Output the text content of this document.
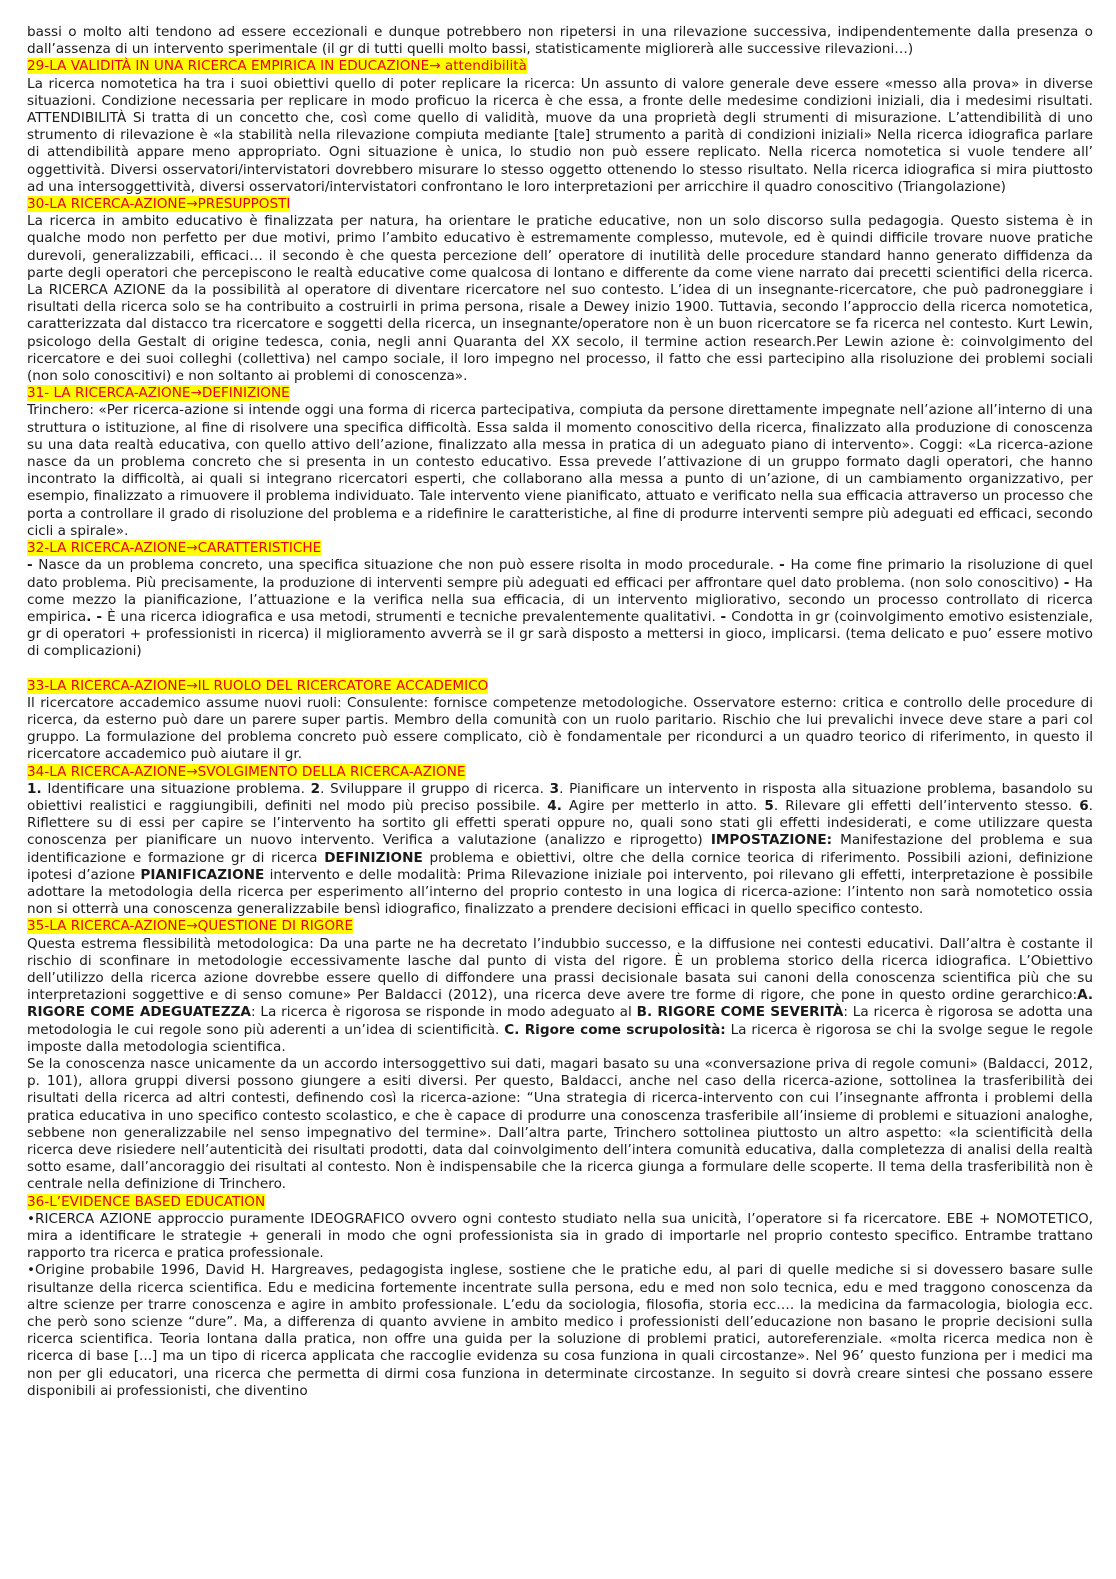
bassi o molto alti tendono ad essere eccezionali e dunque potrebbero non ripetersi in una rilevazione successiva, indipendentemente dalla presenza o dall’assenza di un intervento sperimentale (il gr di tutti quelli molto bassi, statisticamente migliorerà alle successive rilevazioni…)

29-LA VALIDITÀ IN UNA RICERCA EMPIRICA IN EDUCAZIONE→ attendibilità

La ricerca nomotetica ha tra i suoi obiettivi quello di poter replicare la ricerca: Un assunto di valore generale deve essere «messo alla prova» in diverse situazioni. Condizione necessaria per replicare in modo proficuo la ricerca è che essa, a fronte delle medesime condizioni iniziali, dia i medesimi risultati. ATTENDIBILITÀ Si tratta di un concetto che, così come quello di validità, muove da una proprietà degli strumenti di misurazione. L’attendibilità di uno strumento di rilevazione è «la stabilità nella rilevazione compiuta mediante [tale] strumento a parità di condizioni iniziali» Nella ricerca idiografica parlare di attendibilità appare meno appropriato. Ogni situazione è unica, lo studio non può essere replicato. Nella ricerca nomotetica si vuole tendere all’ oggettività. Diversi osservatori/intervistatori dovrebbero misurare lo stesso oggetto ottenendo lo stesso risultato. Nella ricerca idiografica si mira piuttosto ad una intersoggettività, diversi osservatori/intervistatori confrontano le loro interpretazioni per arricchire il quadro conoscitivo (Triangolazione)

30-LA RICERCA-AZIONE→PRESUPPOSTI

La ricerca in ambito educativo è finalizzata per natura, ha orientare le pratiche educative, non un solo discorso sulla pedagogia. Questo sistema è in qualche modo non perfetto per due motivi, primo l’ambito educativo è estremamente complesso, mutevole, ed è quindi difficile trovare nuove pratiche durevoli, generalizzabili, efficaci… il secondo è che questa percezione dell’ operatore di inutilità delle procedure standard hanno generato diffidenza da parte degli operatori che percepiscono le realtà educative come qualcosa di lontano e differente da come viene narrato dai precetti scientifici della ricerca. La RICERCA AZIONE da la possibilità al operatore di diventare ricercatore nel suo contesto. L’idea di un insegnante-ricercatore, che può padroneggiare i risultati della ricerca solo se ha contribuito a costruirli in prima persona, risale a Dewey inizio 1900. Tuttavia, secondo l’approccio della ricerca nomotetica, caratterizzata dal distacco tra ricercatore e soggetti della ricerca, un insegnante/operatore non è un buon ricercatore se fa ricerca nel contesto. Kurt Lewin, psicologo della Gestalt di origine tedesca, conia, negli anni Quaranta del XX secolo, il termine action research.Per Lewin azione è: coinvolgimento del ricercatore e dei suoi colleghi (collettiva) nel campo sociale, il loro impegno nel processo, il fatto che essi partecipino alla risoluzione dei problemi sociali (non solo conoscitivi) e non soltanto ai problemi di conoscenza».

31- LA RICERCA-AZIONE→DEFINIZIONE

Trinchero: «Per ricerca-azione si intende oggi una forma di ricerca partecipativa, compiuta da persone direttamente impegnate nell’azione all’interno di una struttura o istituzione, al fine di risolvere una specifica difficoltà. Essa salda il momento conoscitivo della ricerca, finalizzato alla produzione di conoscenza su una data realtà educativa, con quello attivo dell’azione, finalizzato alla messa in pratica di un adeguato piano di intervento». Coggi: «La ricerca-azione nasce da un problema concreto che si presenta in un contesto educativo. Essa prevede l’attivazione di un gruppo formato dagli operatori, che hanno incontrato la difficoltà, ai quali si integrano ricercatori esperti, che collaborano alla messa a punto di un’azione, di un cambiamento organizzativo, per esempio, finalizzato a rimuovere il problema individuato. Tale intervento viene pianificato, attuato e verificato nella sua efficacia attraverso un processo che porta a controllare il grado di risoluzione del problema e a ridefinire le caratteristiche, al fine di produrre interventi sempre più adeguati ed efficaci, secondo cicli a spirale».

32-LA RICERCA-AZIONE→CARATTERISTICHE

- Nasce da un problema concreto, una specifica situazione che non può essere risolta in modo procedurale. - Ha come fine primario la risoluzione di quel dato problema. Più precisamente, la produzione di interventi sempre più adeguati ed efficaci per affrontare quel dato problema. (non solo conoscitivo) - Ha come mezzo la pianificazione, l’attuazione e la verifica nella sua efficacia, di un intervento migliorativo, secondo un processo controllato di ricerca empirica. - È una ricerca idiografica e usa metodi, strumenti e tecniche prevalentemente qualitativi. - Condotta in gr (coinvolgimento emotivo esistenziale, gr di operatori + professionisti in ricerca) il miglioramento avverrà se il gr sarà disposto a mettersi in gioco, implicarsi. (tema delicato e puo’ essere motivo di complicazioni)

33-LA RICERCA-AZIONE→IL RUOLO DEL RICERCATORE ACCADEMICO

Il ricercatore accademico assume nuovi ruoli: Consulente: fornisce competenze metodologiche. Osservatore esterno: critica e controllo delle procedure di ricerca, da esterno può dare un parere super partis. Membro della comunità con un ruolo paritario. Rischio che lui prevalichi invece deve stare a pari col gruppo. La formulazione del problema concreto può essere complicato, ciò è fondamentale per ricondurci a un quadro teorico di riferimento, in questo il ricercatore accademico può aiutare il gr.

34-LA RICERCA-AZIONE→SVOLGIMENTO DELLA RICERCA-AZIONE

1. Identificare una situazione problema. 2. Sviluppare il gruppo di ricerca. 3. Pianificare un intervento in risposta alla situazione problema, basandolo su obiettivi realistici e raggiungibili, definiti nel modo più preciso possibile. 4. Agire per metterlo in atto. 5. Rilevare gli effetti dell’intervento stesso. 6. Riflettere su di essi per capire se l’intervento ha sortito gli effetti sperati oppure no, quali sono stati gli effetti indesiderati, e come utilizzare questa conoscenza per pianificare un nuovo intervento. Verifica a valutazione (analizzo e riprogetto) IMPOSTAZIONE: Manifestazione del problema e sua identificazione e formazione gr di ricerca DEFINIZIONE problema e obiettivi, oltre che della cornice teorica di riferimento. Possibili azioni, definizione ipotesi d’azione PIANIFICAZIONE intervento e delle modalità: Prima Rilevazione iniziale poi intervento, poi rilevano gli effetti, interpretazione è possibile adottare la metodologia della ricerca per esperimento all’interno del proprio contesto in una logica di ricerca-azione: l’intento non sarà nomotetico ossia non si otterrà una conoscenza generalizzabile bensì idiografico, finalizzato a prendere decisioni efficaci in quello specifico contesto.

35-LA RICERCA-AZIONE→QUESTIONE DI RIGORE

Questa estrema flessibilità metodologica: Da una parte ne ha decretato l’indubbio successo, e la diffusione nei contesti educativi. Dall’altra è costante il rischio di sconfinare in metodologie eccessivamente lasche dal punto di vista del rigore. È un problema storico della ricerca idiografica. L’Obiettivo dell’utilizzo della ricerca azione dovrebbe essere quello di diffondere una prassi decisionale basata sui canoni della conoscenza scientifica più che su interpretazioni soggettive e di senso comune» Per Baldacci (2012), una ricerca deve avere tre forme di rigore, che pone in questo ordine gerarchico:A. RIGORE COME ADEGUATEZZA: La ricerca è rigorosa se risponde in modo adeguato al B. RIGORE COME SEVERITÀ: La ricerca è rigorosa se adotta una metodologia le cui regole sono più aderenti a un’idea di scientificità. C. Rigore come scrupolosità: La ricerca è rigorosa se chi la svolge segue le regole imposte dalla metodologia scientifica.

Se la conoscenza nasce unicamente da un accordo intersoggettivo sui dati, magari basato su una «conversazione priva di regole comuni» (Baldacci, 2012, p. 101), allora gruppi diversi possono giungere a esiti diversi. Per questo, Baldacci, anche nel caso della ricerca-azione, sottolinea la trasferibilità dei risultati della ricerca ad altri contesti, definendo così la ricerca-azione: “Una strategia di ricerca-intervento con cui l’insegnante affronta i problemi della pratica educativa in uno specifico contesto scolastico, e che è capace di produrre una conoscenza trasferibile all’insieme di problemi e situazioni analoghe, sebbene non generalizzabile nel senso impegnativo del termine». Dall’altra parte, Trinchero sottolinea piuttosto un altro aspetto: «la scientificità della ricerca deve risiedere nell’autenticità dei risultati prodotti, data dal coinvolgimento dell’intera comunità educativa, dalla completezza di analisi della realtà sotto esame, dall’ancoraggio dei risultati al contesto. Non è indispensabile che la ricerca giunga a formulare delle scoperte. Il tema della trasferibilità non è centrale nella definizione di Trinchero.

36-L’EVIDENCE BASED EDUCATION

•RICERCA AZIONE approccio puramente IDEOGRAFICO ovvero ogni contesto studiato nella sua unicità, l’operatore si fa ricercatore. EBE + NOMOTETICO, mira a identificare le strategie + generali in modo che ogni professionista sia in grado di importarle nel proprio contesto specifico. Entrambe trattano rapporto tra ricerca e pratica professionale.

•Origine probabile 1996, David H. Hargreaves, pedagogista inglese, sostiene che le pratiche edu, al pari di quelle mediche si si dovessero basare sulle risultanze della ricerca scientifica. Edu e medicina fortemente incentrate sulla persona, edu e med non solo tecnica, edu e med traggono conoscenza da altre scienze per trarre conoscenza e agire in ambito professionale. L’edu da sociologia, filosofia, storia ecc…. la medicina da farmacologia, biologia ecc. che però sono scienze “dure”. Ma, a differenza di quanto avviene in ambito medico i professionisti dell’educazione non basano le proprie decisioni sulla ricerca scientifica. Teoria lontana dalla pratica, non offre una guida per la soluzione di problemi pratici, autoreferenziale. «molta ricerca medica non è ricerca di base [...] ma un tipo di ricerca applicata che raccoglie evidenza su cosa funziona in quali circostanze». Nel 96’ questo funziona per i medici ma non per gli educatori, una ricerca che permetta di dirmi cosa funziona in determinate circostanze. In seguito si dovrà creare sintesi che possano essere disponibili ai professionisti, che diventino
